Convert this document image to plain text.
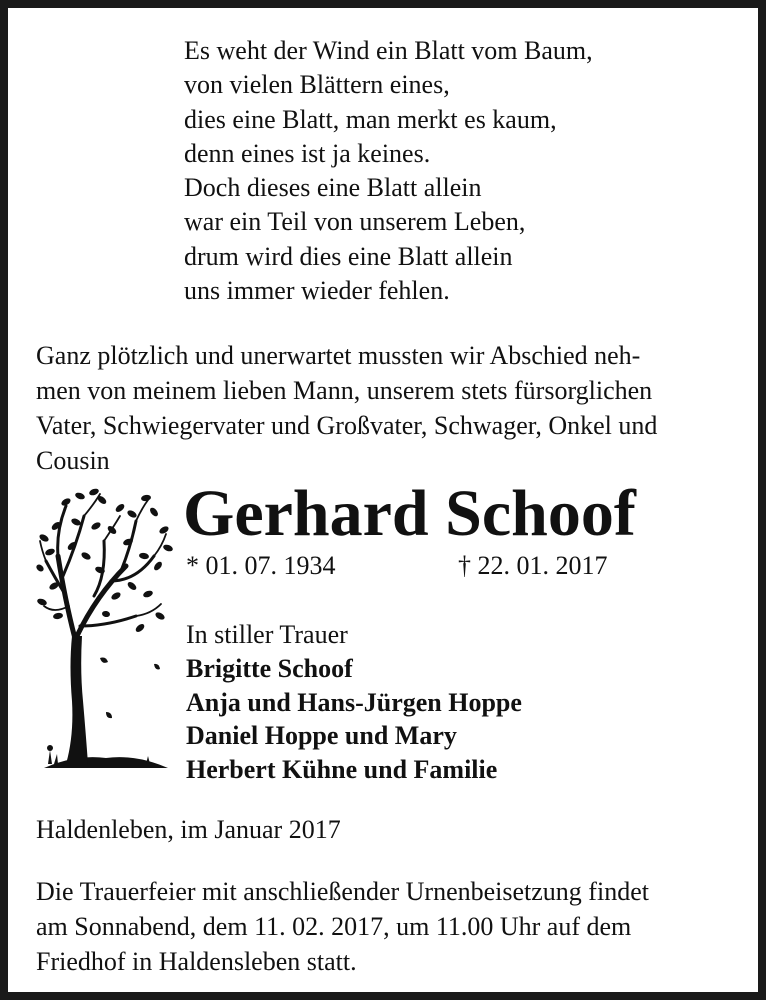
Es weht der Wind ein Blatt vom Baum,
von vielen Blättern eines,
dies eine Blatt, man merkt es kaum,
denn eines ist ja keines.
Doch dieses eine Blatt allein
war ein Teil von unserem Leben,
drum wird dies eine Blatt allein
uns immer wieder fehlen.
Ganz plötzlich und unerwartet mussten wir Abschied neh-
men von meinem lieben Mann, unserem stets fürsorglichen
Vater, Schwiegervater und Großvater, Schwager, Onkel und
Cousin
Gerhard Schoof
* 01. 07. 1934	† 22. 01. 2017
In stiller Trauer
Brigitte Schoof
Anja und Hans-Jürgen Hoppe
Daniel Hoppe und Mary
Herbert Kühne und Familie
Haldenleben, im Januar 2017
Die Trauerfeier mit anschließender Urnenbeisetzung findet
am Sonnabend, dem 11. 02. 2017, um 11.00 Uhr auf dem
Friedhof in Haldensleben statt.
